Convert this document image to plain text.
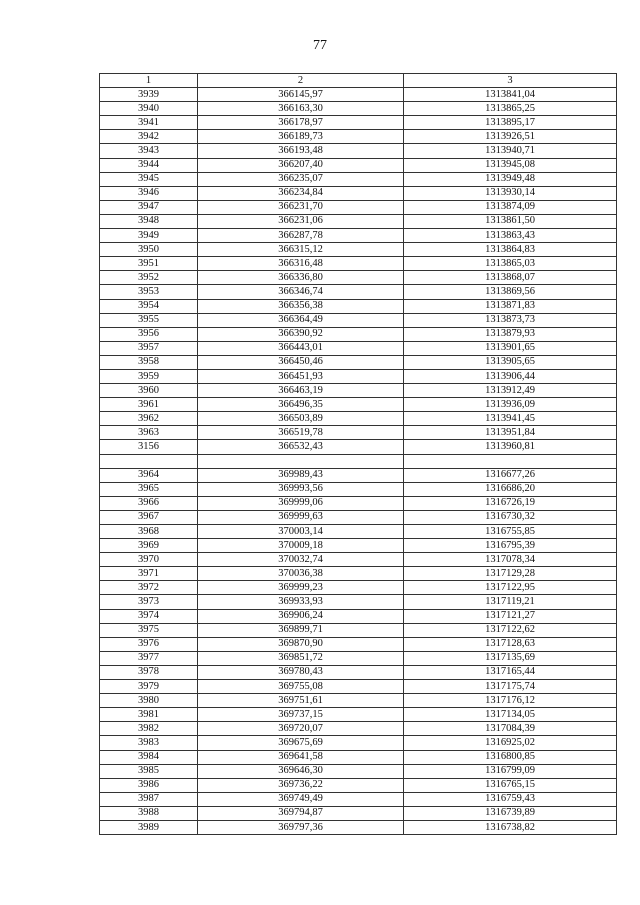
77
1	2	3
3939	366145,97	1313841,04
3940	366163,30	1313865,25
3941	366178,97	1313895,17
3942	366189,73	1313926,51
3943	366193,48	1313940,71
3944	366207,40	1313945,08
3945	366235,07	1313949,48
3946	366234,84	1313930,14
3947	366231,70	1313874,09
3948	366231,06	1313861,50
3949	366287,78	1313863,43
3950	366315,12	1313864,83
3951	366316,48	1313865,03
3952	366336,80	1313868,07
3953	366346,74	1313869,56
3954	366356,38	1313871,83
3955	366364,49	1313873,73
3956	366390,92	1313879,93
3957	366443,01	1313901,65
3958	366450,46	1313905,65
3959	366451,93	1313906,44
3960	366463,19	1313912,49
3961	366496,35	1313936,09
3962	366503,89	1313941,45
3963	366519,78	1313951,84
3156	366532,43	1313960,81

3964	369989,43	1316677,26
3965	369993,56	1316686,20
3966	369999,06	1316726,19
3967	369999,63	1316730,32
3968	370003,14	1316755,85
3969	370009,18	1316795,39
3970	370032,74	1317078,34
3971	370036,38	1317129,28
3972	369999,23	1317122,95
3973	369933,93	1317119,21
3974	369906,24	1317121,27
3975	369899,71	1317122,62
3976	369870,90	1317128,63
3977	369851,72	1317135,69
3978	369780,43	1317165,44
3979	369755,08	1317175,74
3980	369751,61	1317176,12
3981	369737,15	1317134,05
3982	369720,07	1317084,39
3983	369675,69	1316925,02
3984	369641,58	1316800,85
3985	369646,30	1316799,09
3986	369736,22	1316765,15
3987	369749,49	1316759,43
3988	369794,87	1316739,89
3989	369797,36	1316738,82
